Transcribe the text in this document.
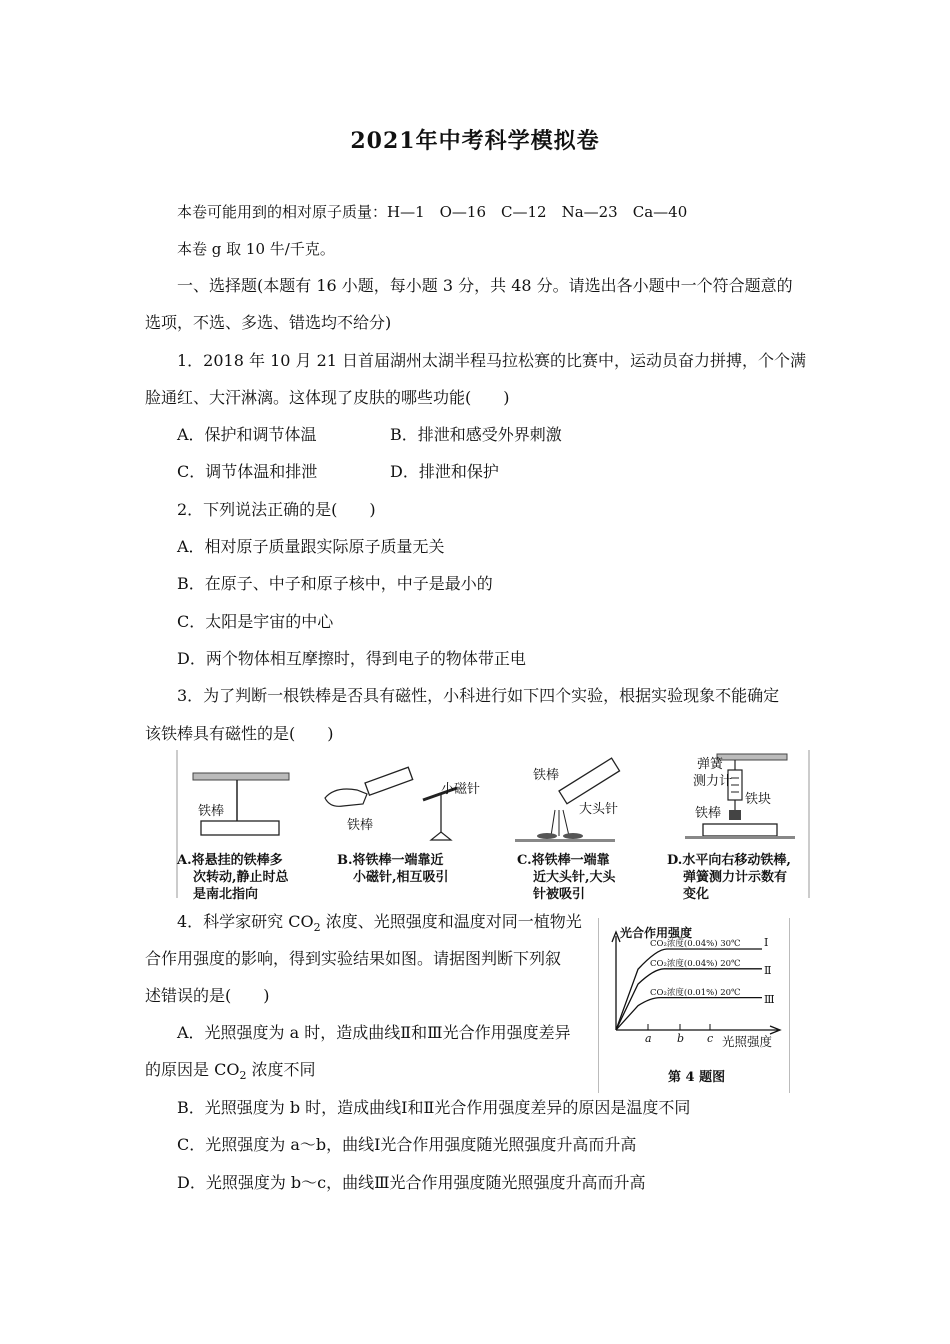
2021年中考科学模拟卷
本卷可能用到的相对原子质量：H—1　O—16　C—12　Na—23　Ca—40
本卷 g 取 10 牛/千克。
一、选择题(本题有 16 小题，每小题 3 分，共 48 分。请选出各小题中一个符合题意的
选项，不选、多选、错选均不给分)
1．2018 年 10 月 21 日首届湖州太湖半程马拉松赛的比赛中，运动员奋力拼搏，个个满
脸通红、大汗淋漓。这体现了皮肤的哪些功能(　　)
A．保护和调节体温	B．排泄和感受外界刺激
C．调节体温和排泄	D．排泄和保护
2．下列说法正确的是(　　)
A．相对原子质量跟实际原子质量无关
B．在原子、中子和原子核中，中子是最小的
C．太阳是宇宙的中心
D．两个物体相互摩擦时，得到电子的物体带正电
3．为了判断一根铁棒是否具有磁性，小科进行如下四个实验，根据实验现象不能确定
该铁棒具有磁性的是(　　)
铁棒
A.将悬挂的铁棒多
次转动,静止时总
是南北指向
铁棒
小磁针
B.将铁棒一端靠近
小磁针,相互吸引
铁棒
大头针
C.将铁棒一端靠
近大头针,大头
针被吸引
弹簧
测力计
铁块
铁棒
D.水平向右移动铁棒,
弹簧测力计示数有
变化
4．科学家研究 $CO_2$ 浓度、光照强度和温度对同一植物光
合作用强度的影响，得到实验结果如图。请据图判断下列叙
述错误的是(　　)
A．光照强度为 a 时，造成曲线Ⅱ和Ⅲ光合作用强度差异
的原因是 $CO_2$ 浓度不同
B．光照强度为 b 时，造成曲线Ⅰ和Ⅱ光合作用强度差异的原因是温度不同
C．光照强度为 a～b，曲线Ⅰ光合作用强度随光照强度升高而升高
D．光照强度为 b～c，曲线Ⅲ光合作用强度随光照强度升高而升高
光合作用强度
光照强度
第 4 题图
CO₂浓度(0.04%) 30℃ Ⅰ
CO₂浓度(0.04%) 20℃ Ⅱ
CO₂浓度(0.01%) 20℃ Ⅲ
a b c
